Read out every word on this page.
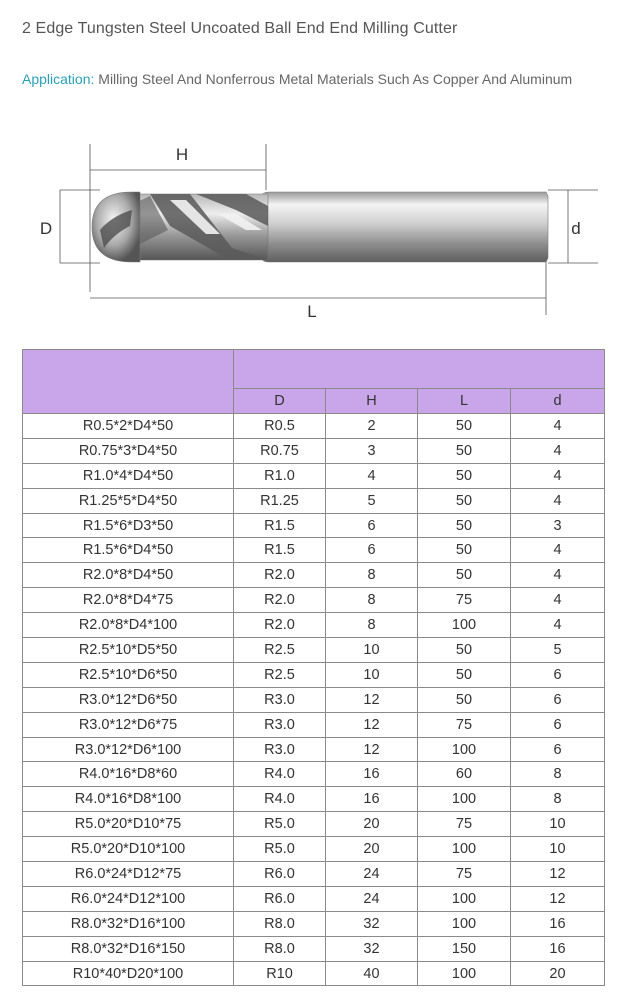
2 Edge Tungsten Steel Uncoated Ball End End Milling Cutter
Application: Milling Steel And Nonferrous Metal Materials Such As Copper And Aluminum
H
D	d
L

	D	H	L	d
R0.5*2*D4*50	R0.5	2	50	4
R0.75*3*D4*50	R0.75	3	50	4
R1.0*4*D4*50	R1.0	4	50	4
R1.25*5*D4*50	R1.25	5	50	4
R1.5*6*D3*50	R1.5	6	50	3
R1.5*6*D4*50	R1.5	6	50	4
R2.0*8*D4*50	R2.0	8	50	4
R2.0*8*D4*75	R2.0	8	75	4
R2.0*8*D4*100	R2.0	8	100	4
R2.5*10*D5*50	R2.5	10	50	5
R2.5*10*D6*50	R2.5	10	50	6
R3.0*12*D6*50	R3.0	12	50	6
R3.0*12*D6*75	R3.0	12	75	6
R3.0*12*D6*100	R3.0	12	100	6
R4.0*16*D8*60	R4.0	16	60	8
R4.0*16*D8*100	R4.0	16	100	8
R5.0*20*D10*75	R5.0	20	75	10
R5.0*20*D10*100	R5.0	20	100	10
R6.0*24*D12*75	R6.0	24	75	12
R6.0*24*D12*100	R6.0	24	100	12
R8.0*32*D16*100	R8.0	32	100	16
R8.0*32*D16*150	R8.0	32	150	16
R10*40*D20*100	R10	40	100	20
